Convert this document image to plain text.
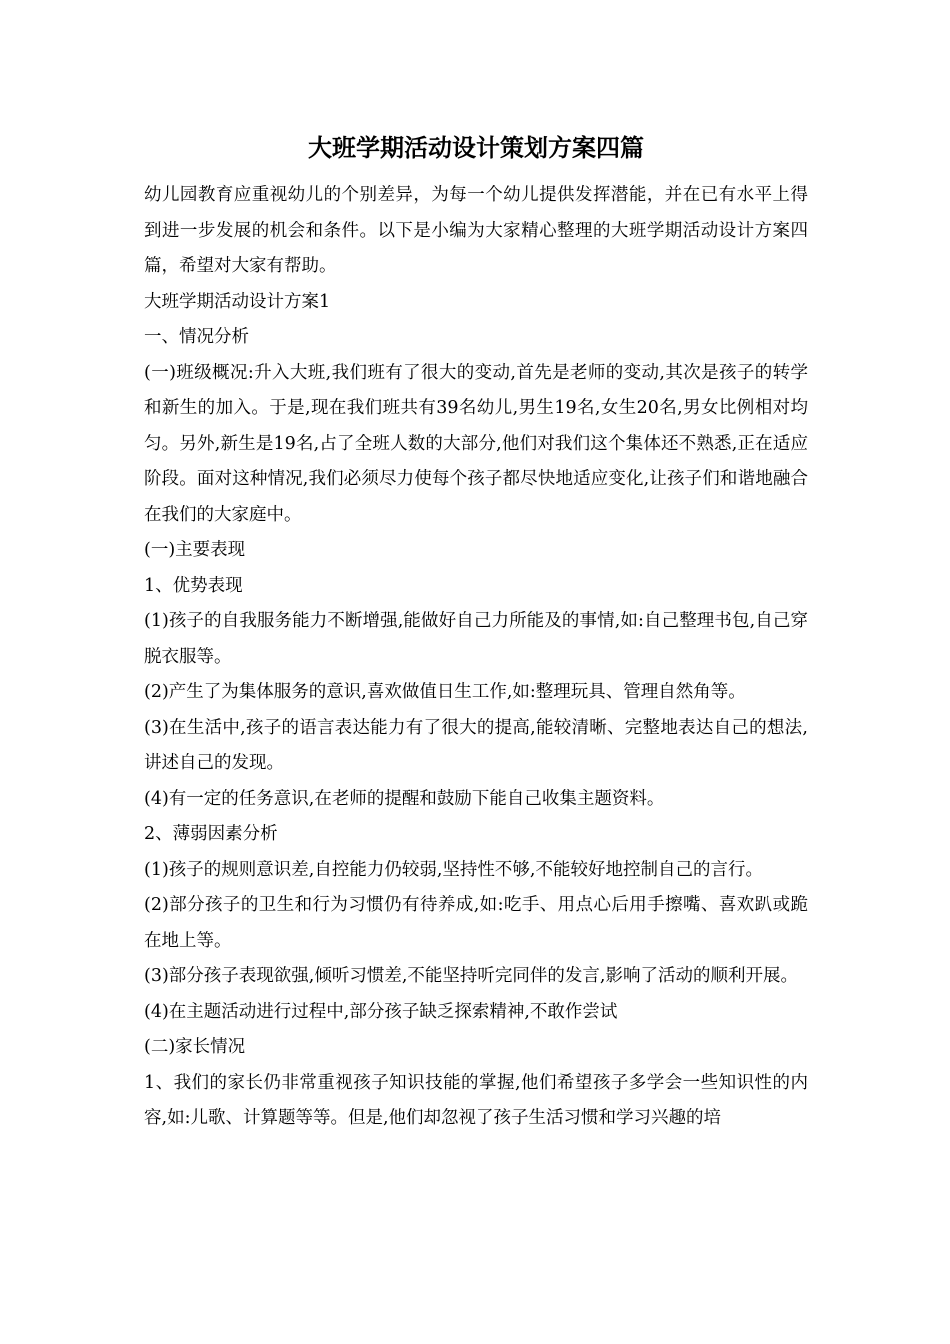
大班学期活动设计策划方案四篇

幼儿园教育应重视幼儿的个别差异，为每一个幼儿提供发挥潜能，并在已有水平上得到进一步发展的机会和条件。以下是小编为大家精心整理的大班学期活动设计方案四篇，希望对大家有帮助。

大班学期活动设计方案1

一、情况分析

(一)班级概况:升入大班,我们班有了很大的变动,首先是老师的变动,其次是孩子的转学和新生的加入。于是,现在我们班共有39名幼儿,男生19名,女生20名,男女比例相对均匀。另外,新生是19名,占了全班人数的大部分,他们对我们这个集体还不熟悉,正在适应阶段。面对这种情况,我们必须尽力使每个孩子都尽快地适应变化,让孩子们和谐地融合在我们的大家庭中。

(一)主要表现

1、优势表现

(1)孩子的自我服务能力不断增强,能做好自己力所能及的事情,如:自己整理书包,自己穿脱衣服等。

(2)产生了为集体服务的意识,喜欢做值日生工作,如:整理玩具、管理自然角等。

(3)在生活中,孩子的语言表达能力有了很大的提高,能较清晰、完整地表达自己的想法,讲述自己的发现。

(4)有一定的任务意识,在老师的提醒和鼓励下能自己收集主题资料。

2、薄弱因素分析

(1)孩子的规则意识差,自控能力仍较弱,坚持性不够,不能较好地控制自己的言行。

(2)部分孩子的卫生和行为习惯仍有待养成,如:吃手、用点心后用手擦嘴、喜欢趴或跪在地上等。

(3)部分孩子表现欲强,倾听习惯差,不能坚持听完同伴的发言,影响了活动的顺利开展。

(4)在主题活动进行过程中,部分孩子缺乏探索精神,不敢作尝试

(二)家长情况

1、我们的家长仍非常重视孩子知识技能的掌握,他们希望孩子多学会一些知识性的内容,如:儿歌、计算题等等。但是,他们却忽视了孩子生活习惯和学习兴趣的培
